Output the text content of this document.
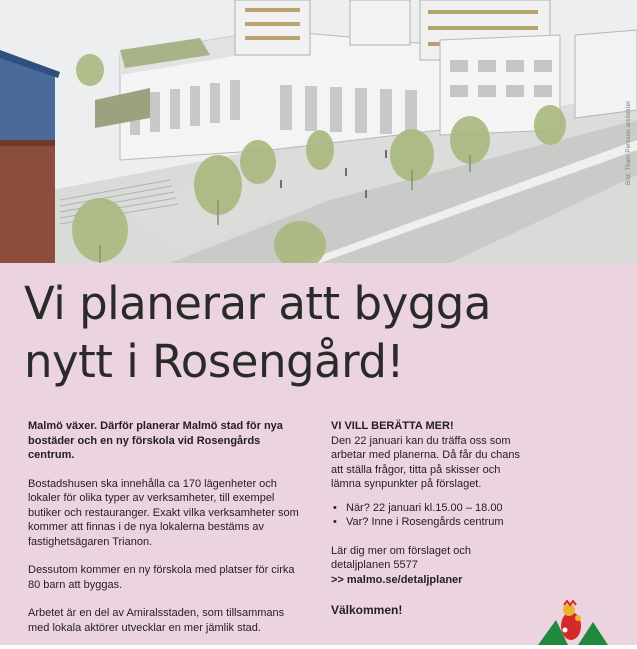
Bild: Tham Persson arkitekter
Vi planerar att bygga
nytt i Rosengård!

Malmö växer. Därför planerar Malmö stad för nya bostäder och en ny förskola vid Rosengårds centrum.

Bostadshusen ska innehålla ca 170 lägenheter och lokaler för olika typer av verksamheter, till exempel butiker och restauranger. Exakt vilka verksamheter som kommer att finnas i de nya lokalerna bestäms av fastighetsägaren Trianon.

Dessutom kommer en ny förskola med platser för cirka 80 barn att byggas.

Arbetet är en del av Amiralsstaden, som tillsammans med lokala aktörer utvecklar en mer jämlik stad.

VI VILL BERÄTTA MER!

Den 22 januari kan du träffa oss som arbetar med planerna. Då får du chans att ställa frågor, titta på skisser och lämna synpunkter på förslaget.

• När? 22 januari kl.15.00 – 18.00
• Var? Inne i Rosengårds centrum

Lär dig mer om förslaget och detaljplanen 5577

>> malmo.se/detaljplaner

Välkommen!
